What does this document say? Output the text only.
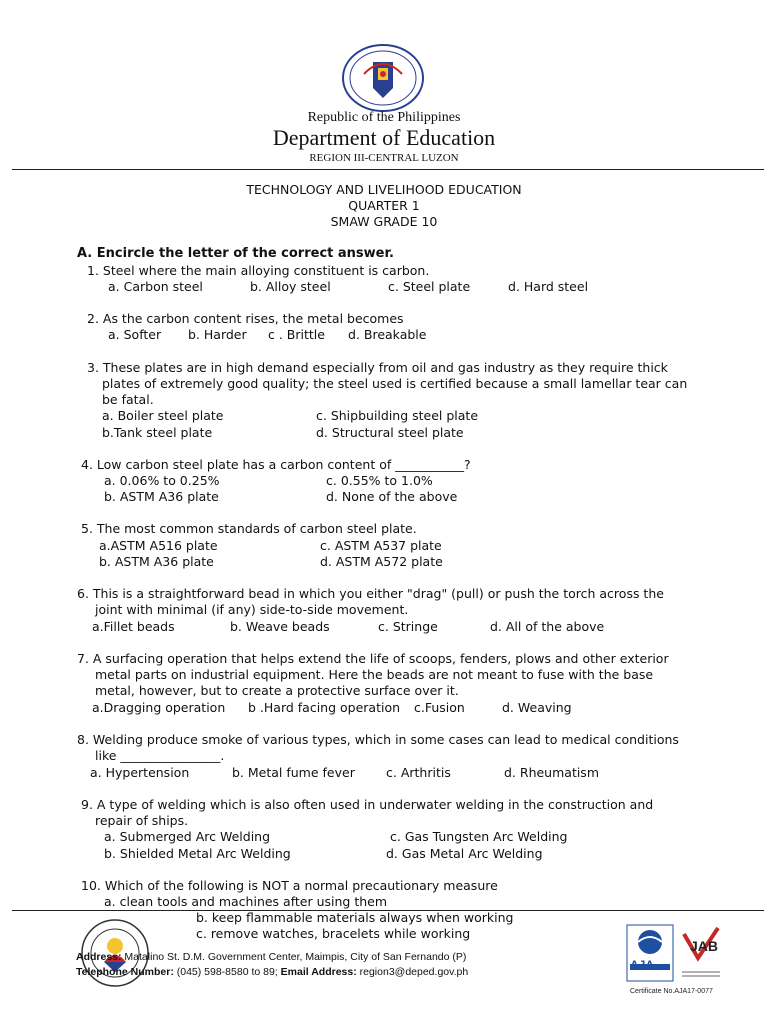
Republic of the Philippines
Department of Education
REGION III-CENTRAL LUZON
TECHNOLOGY AND LIVELIHOOD EDUCATION
QUARTER 1
SMAW GRADE 10
A. Encircle the letter of the correct answer.
1. Steel where the main alloying constituent is carbon.
a. Carbon steel	b. Alloy steel	c. Steel plate	d. Hard steel
2. As the carbon content rises, the metal becomes
a. Softer b. Harder c . Brittle d. Breakable
3. These plates are in high demand especially from oil and gas industry as they require thick
plates of extremely good quality; the steel used is certified because a small lamellar tear can
be fatal.
a. Boiler steel plate	c. Shipbuilding steel plate
b.Tank steel plate	d. Structural steel plate
4. Low carbon steel plate has a carbon content of ___________?
a. 0.06% to 0.25%	c. 0.55% to 1.0%
b. ASTM A36 plate	d. None of the above
5. The most common standards of carbon steel plate.
a.ASTM A516 plate	c. ASTM A537 plate
b. ASTM A36 plate	d. ASTM A572 plate
6. This is a straightforward bead in which you either "drag" (pull) or push the torch across the
joint with minimal (if any) side-to-side movement.
a.Fillet beads	b. Weave beads	c. Stringe	d. All of the above
7. A surfacing operation that helps extend the life of scoops, fenders, plows and other exterior
metal parts on industrial equipment. Here the beads are not meant to fuse with the base
metal, however, but to create a protective surface over it.
a.Dragging operation b .Hard facing operation c.Fusion	d. Weaving
8. Welding produce smoke of various types, which in some cases can lead to medical conditions
like ________________.
a. Hypertension	b. Metal fume fever c. Arthritis	d. Rheumatism
9. A type of welding which is also often used in underwater welding in the construction and
repair of ships.
a. Submerged Arc Welding	c. Gas Tungsten Arc Welding
b. Shielded Metal Arc Welding	d. Gas Metal Arc Welding
10. Which of the following is NOT a normal precautionary measure
a. clean tools and machines after using them
b. keep flammable materials always when working
c. remove watches, bracelets while working
Address: Matalino St. D.M. Government Center, Maimpis, City of San Fernando (P)
Telephone Number: (045) 598-8580 to 89; Email Address: region3@deped.gov.ph	AJA
JAB
Certificate No.AJA17-0077
